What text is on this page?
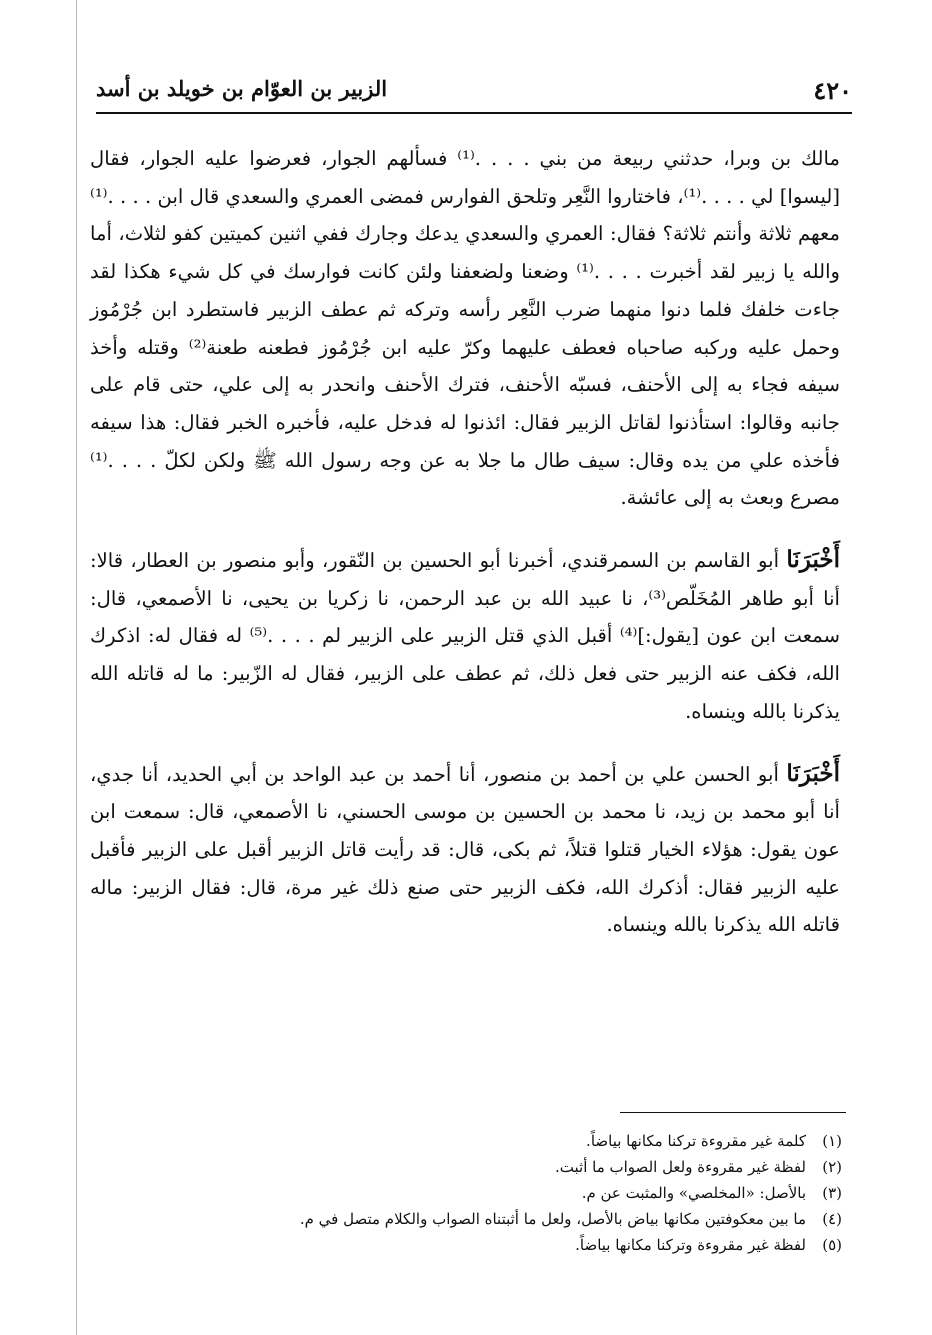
٤٢٠
الزبير بن العوّام بن خويلد بن أسد

مالك بن وبرا، حدثني ربيعة من بني . . . .⁽¹⁾ فسألهم الجوار، فعرضوا عليه الجوار، فقال [ليسوا] لي . . . .⁽¹⁾، فاختاروا النَّعِر وتلحق الفوارس فمضى العمري والسعدي قال ابن . . . .⁽¹⁾ معهم ثلاثة وأنتم ثلاثة؟ فقال: العمري والسعدي يدعك وجارك ففي اثنين كميتين كفو لثلاث، أما والله يا زبير لقد أخبرت . . . .⁽¹⁾ وضعنا ولضعفنا ولئن كانت فوارسك في كل شيء هكذا لقد جاءت خلفك فلما دنوا منهما ضرب النَّعِر رأسه وتركه ثم عطف الزبير فاستطرد ابن جُرْمُوز وحمل عليه وركبه صاحباه فعطف عليهما وكرّ عليه ابن جُرْمُوز فطعنه طعنة⁽²⁾ وقتله وأخذ سيفه فجاء به إلى الأحنف، فسبّه الأحنف، فترك الأحنف وانحدر به إلى علي، حتى قام على جانبه وقالوا: استأذنوا لقاتل الزبير فقال: ائذنوا له فدخل عليه، فأخبره الخبر فقال: هذا سيفه فأخذه علي من يده وقال: سيف طال ما جلا به عن وجه رسول الله ﷺ ولكن لكلّ . . . .⁽¹⁾ مصرع وبعث به إلى عائشة.

أَخْبَرَنَا أبو القاسم بن السمرقندي، أخبرنا أبو الحسين بن النّقور، وأبو منصور بن العطار، قالا: أنا أبو طاهر المُخَلّص⁽³⁾، نا عبيد الله بن عبد الرحمن، نا زكريا بن يحيى، نا الأصمعي، قال: سمعت ابن عون [يقول:]⁽⁴⁾ أقبل الذي قتل الزبير على الزبير لم . . . .⁽⁵⁾ له فقال له: اذكرك الله، فكف عنه الزبير حتى فعل ذلك، ثم عطف على الزبير، فقال له الزّبير: ما له قاتله الله يذكرنا بالله وينساه.

أَخْبَرَنَا أبو الحسن علي بن أحمد بن منصور، أنا أحمد بن عبد الواحد بن أبي الحديد، أنا جدي، أنا أبو محمد بن زيد، نا محمد بن الحسين بن موسى الحسني، نا الأصمعي، قال: سمعت ابن عون يقول: هؤلاء الخيار قتلوا قتلاً، ثم بكى، قال: قد رأيت قاتل الزبير أقبل على الزبير فأقبل عليه الزبير فقال: أذكرك الله، فكف الزبير حتى صنع ذلك غير مرة، قال: فقال الزبير: ماله قاتله الله يذكرنا بالله وينساه.

(١)كلمة غير مقروءة تركنا مكانها بياضاً.

(٢)لفظة غير مقروءة ولعل الصواب ما أثبت.

(٣)بالأصل: «المخلصي» والمثبت عن م.

(٤)ما بين معكوفتين مكانها بياض بالأصل، ولعل ما أثبتناه الصواب والكلام متصل في م.

(٥)لفظة غير مقروءة وتركنا مكانها بياضاً.
